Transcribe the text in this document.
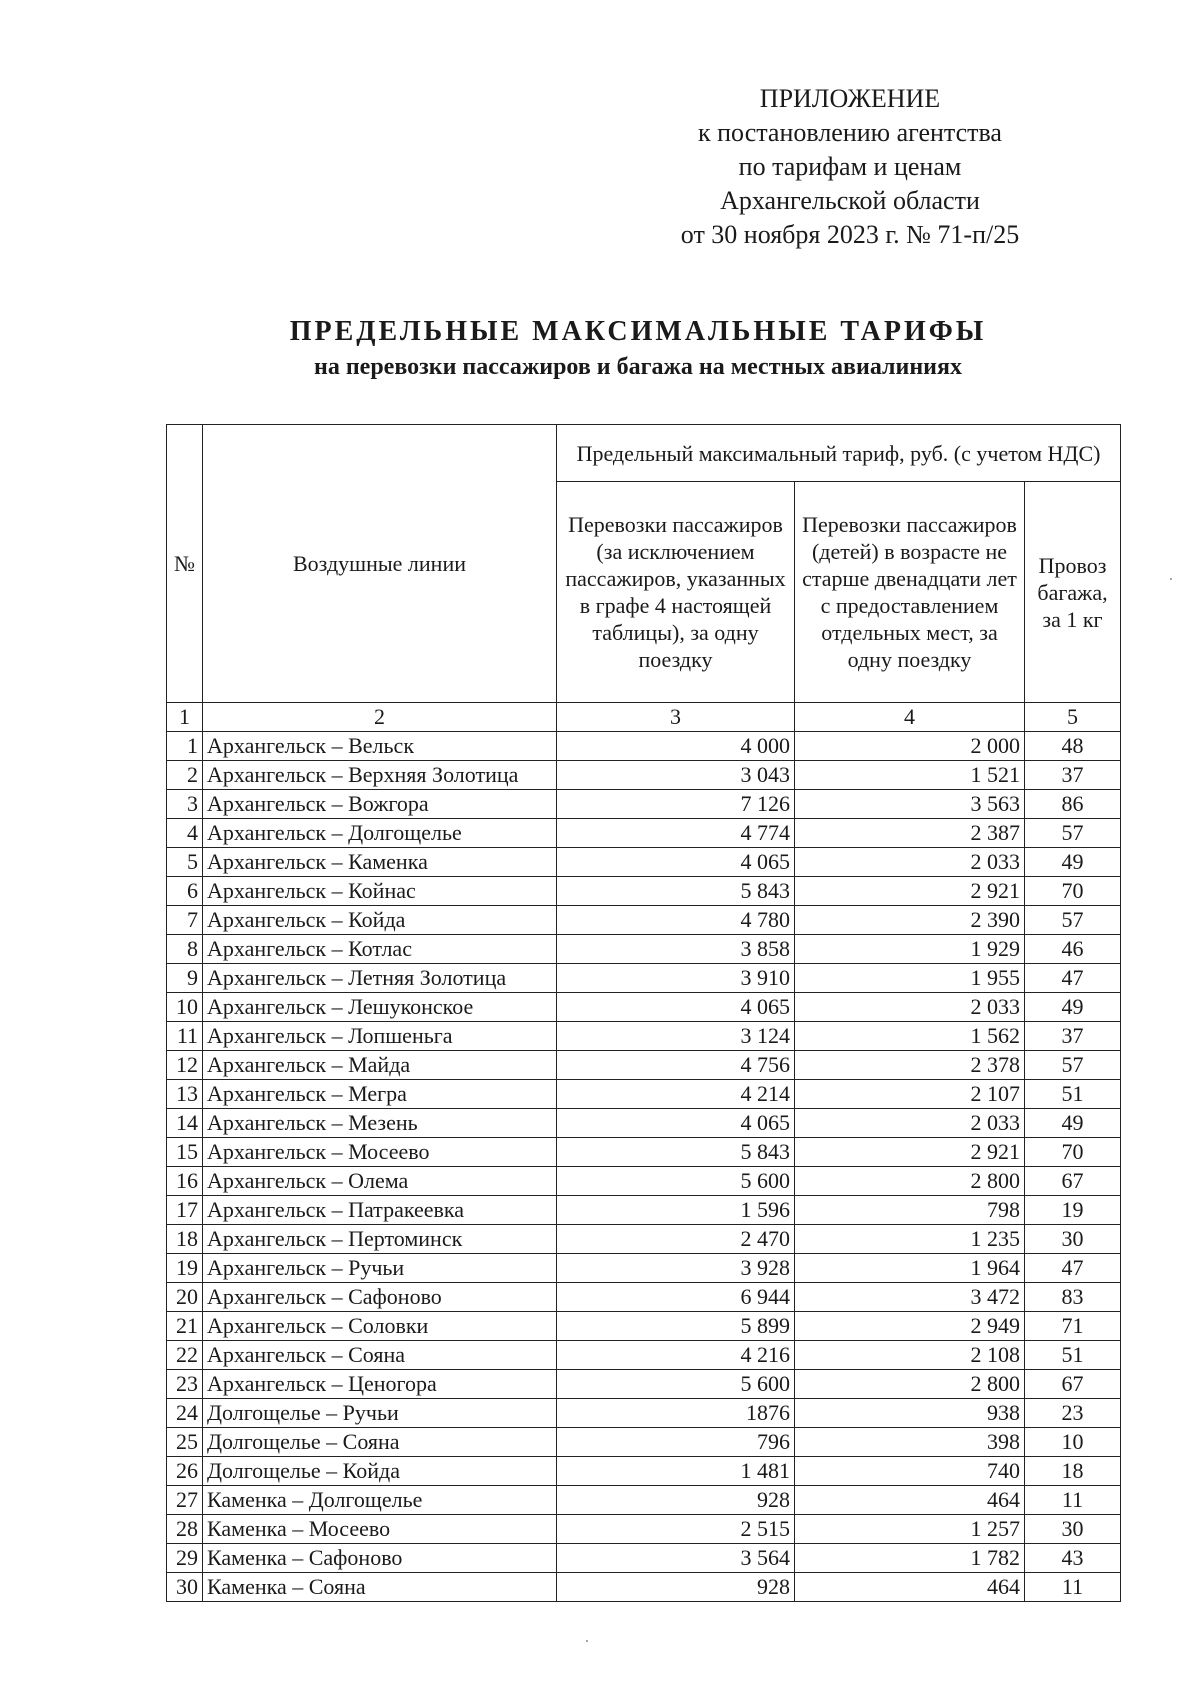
ПРИЛОЖЕНИЕ
к постановлению агентства
по тарифам и ценам
Архангельской области
от 30 ноября 2023 г. № 71-п/25
ПРЕДЕЛЬНЫЕ МАКСИМАЛЬНЫЕ ТАРИФЫ
на перевозки пассажиров и багажа на местных авиалиниях
№	Воздушные линии	Предельный максимальный тариф, руб. (с учетом НДС)		
		Перевозки пассажиров (за исключением пассажиров, указанных в графе 4 настоящей таблицы), за одну поездку	Перевозки пассажиров (детей) в возрасте не старше двенадцати лет с предоставлением отдельных мест, за одну поездку	Провоз багажа, за 1 кг
1	2	3	4	5
1	Архангельск – Вельск	4 000	2 000	48
2	Архангельск – Верхняя Золотица	3 043	1 521	37
3	Архангельск – Вожгора	7 126	3 563	86
4	Архангельск – Долгощелье	4 774	2 387	57
5	Архангельск – Каменка	4 065	2 033	49
6	Архангельск – Койнас	5 843	2 921	70
7	Архангельск – Койда	4 780	2 390	57
8	Архангельск – Котлас	3 858	1 929	46
9	Архангельск – Летняя Золотица	3 910	1 955	47
10	Архангельск – Лешуконское	4 065	2 033	49
11	Архангельск – Лопшеньга	3 124	1 562	37
12	Архангельск – Майда	4 756	2 378	57
13	Архангельск – Мегра	4 214	2 107	51
14	Архангельск – Мезень	4 065	2 033	49
15	Архангельск – Мосеево	5 843	2 921	70
16	Архангельск – Олема	5 600	2 800	67
17	Архангельск – Патракеевка	1 596	798	19
18	Архангельск – Пертоминск	2 470	1 235	30
19	Архангельск – Ручьи	3 928	1 964	47
20	Архангельск – Сафоново	6 944	3 472	83
21	Архангельск – Соловки	5 899	2 949	71
22	Архангельск – Сояна	4 216	2 108	51
23	Архангельск – Ценогора	5 600	2 800	67
24	Долгощелье – Ручьи	1876	938	23
25	Долгощелье – Сояна	796	398	10
26	Долгощелье – Койда	1 481	740	18
27	Каменка – Долгощелье	928	464	11
28	Каменка – Мосеево	2 515	1 257	30
29	Каменка – Сафоново	3 564	1 782	43
30	Каменка – Сояна	928	464	11
